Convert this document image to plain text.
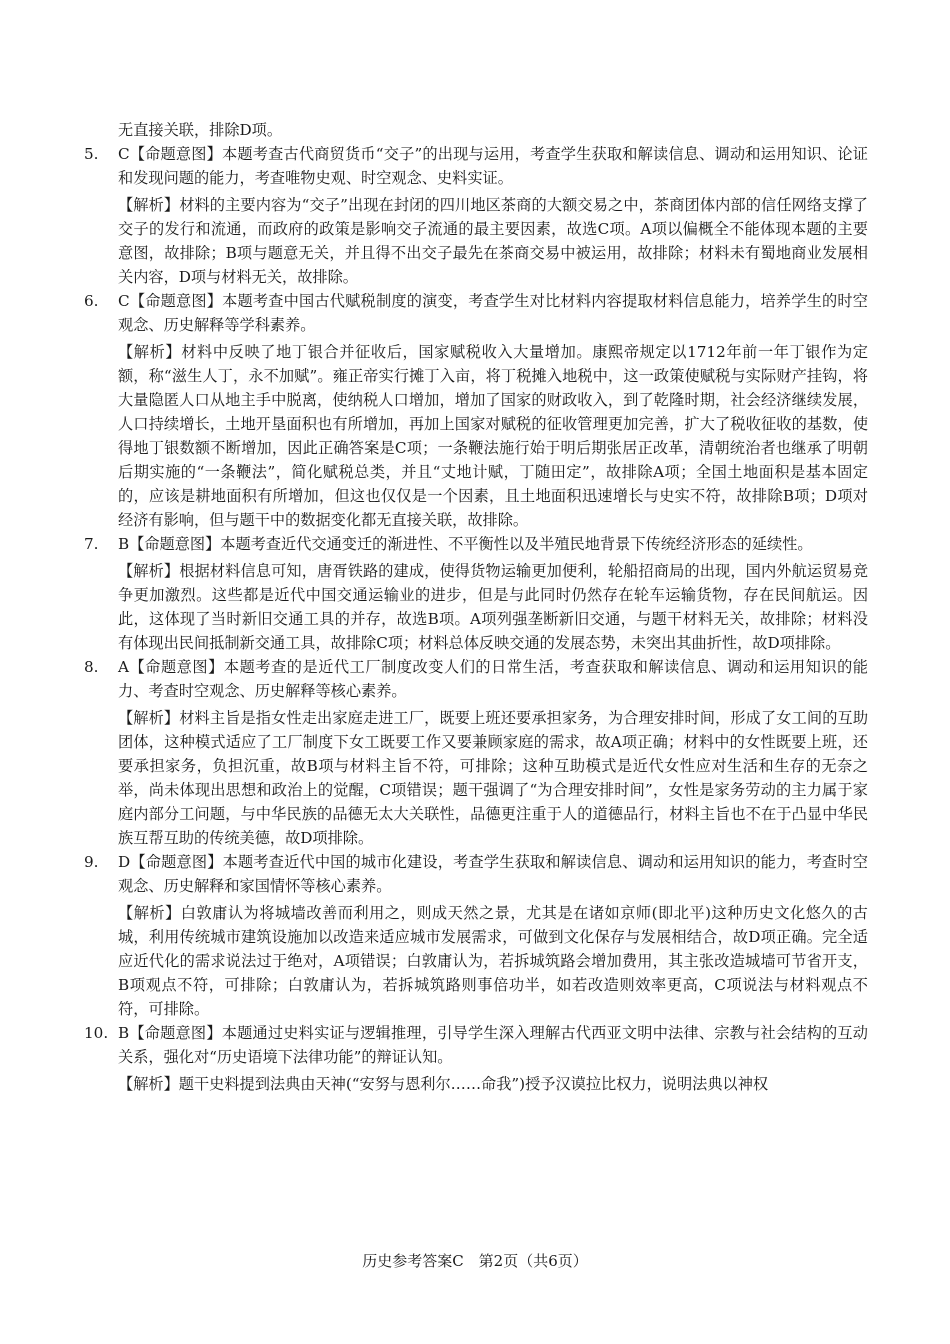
无直接关联，排除D项。
5.	C【命题意图】本题考查古代商贸货币“交子”的出现与运用，考查学生获取和解读信息、调动和运用知识、论证和发现问题的能力，考查唯物史观、时空观念、史料实证。
【解析】材料的主要内容为“交子”出现在封闭的四川地区茶商的大额交易之中，茶商团体内部的信任网络支撑了交子的发行和流通，而政府的政策是影响交子流通的最主要因素，故选C项。A项以偏概全不能体现本题的主要意图，故排除；B项与题意无关，并且得不出交子最先在茶商交易中被运用，故排除；材料未有蜀地商业发展相关内容，D项与材料无关，故排除。
6.	C【命题意图】本题考查中国古代赋税制度的演变，考查学生对比材料内容提取材料信息能力，培养学生的时空观念、历史解释等学科素养。
【解析】材料中反映了地丁银合并征收后，国家赋税收入大量增加。康熙帝规定以1712年前一年丁银作为定额，称“滋生人丁，永不加赋”。雍正帝实行摊丁入亩，将丁税摊入地税中，这一政策使赋税与实际财产挂钩，将大量隐匿人口从地主手中脱离，使纳税人口增加，增加了国家的财政收入，到了乾隆时期，社会经济继续发展，人口持续增长，土地开垦面积也有所增加，再加上国家对赋税的征收管理更加完善，扩大了税收征收的基数，使得地丁银数额不断增加，因此正确答案是C项；一条鞭法施行始于明后期张居正改革，清朝统治者也继承了明朝后期实施的“一条鞭法”，简化赋税总类，并且“丈地计赋，丁随田定”，故排除A项；全国土地面积是基本固定的，应该是耕地面积有所增加，但这也仅仅是一个因素，且土地面积迅速增长与史实不符，故排除B项；D项对经济有影响，但与题干中的数据变化都无直接关联，故排除。
7.	B【命题意图】本题考查近代交通变迁的渐进性、不平衡性以及半殖民地背景下传统经济形态的延续性。
【解析】根据材料信息可知，唐胥铁路的建成，使得货物运输更加便利，轮船招商局的出现，国内外航运贸易竞争更加激烈。这些都是近代中国交通运输业的进步，但是与此同时仍然存在轮车运输货物，存在民间航运。因此，这体现了当时新旧交通工具的并存，故选B项。A项列强垄断新旧交通，与题干材料无关，故排除；材料没有体现出民间抵制新交通工具，故排除C项；材料总体反映交通的发展态势，未突出其曲折性，故D项排除。
8.	A【命题意图】本题考查的是近代工厂制度改变人们的日常生活，考查获取和解读信息、调动和运用知识的能力、考查时空观念、历史解释等核心素养。
【解析】材料主旨是指女性走出家庭走进工厂，既要上班还要承担家务，为合理安排时间，形成了女工间的互助团体，这种模式适应了工厂制度下女工既要工作又要兼顾家庭的需求，故A项正确；材料中的女性既要上班，还要承担家务，负担沉重，故B项与材料主旨不符，可排除；这种互助模式是近代女性应对生活和生存的无奈之举，尚未体现出思想和政治上的觉醒，C项错误；题干强调了“为合理安排时间”，女性是家务劳动的主力属于家庭内部分工问题，与中华民族的品德无太大关联性，品德更注重于人的道德品行，材料主旨也不在于凸显中华民族互帮互助的传统美德，故D项排除。
9.	D【命题意图】本题考查近代中国的城市化建设，考查学生获取和解读信息、调动和运用知识的能力，考查时空观念、历史解释和家国情怀等核心素养。
【解析】白敦庸认为将城墙改善而利用之，则成天然之景，尤其是在诸如京师(即北平)这种历史文化悠久的古城，利用传统城市建筑设施加以改造来适应城市发展需求，可做到文化保存与发展相结合，故D项正确。完全适应近代化的需求说法过于绝对，A项错误；白敦庸认为，若拆城筑路会增加费用，其主张改造城墙可节省开支，B项观点不符，可排除；白敦庸认为，若拆城筑路则事倍功半，如若改造则效率更高，C项说法与材料观点不符，可排除。
10. B【命题意图】本题通过史料实证与逻辑推理，引导学生深入理解古代西亚文明中法律、宗教与社会结构的互动关系，强化对“历史语境下法律功能”的辩证认知。
【解析】题干史料提到法典由天神(“安努与恩利尔……命我”)授予汉谟拉比权力，说明法典以神权
历史参考答案C　第2页（共6页）
